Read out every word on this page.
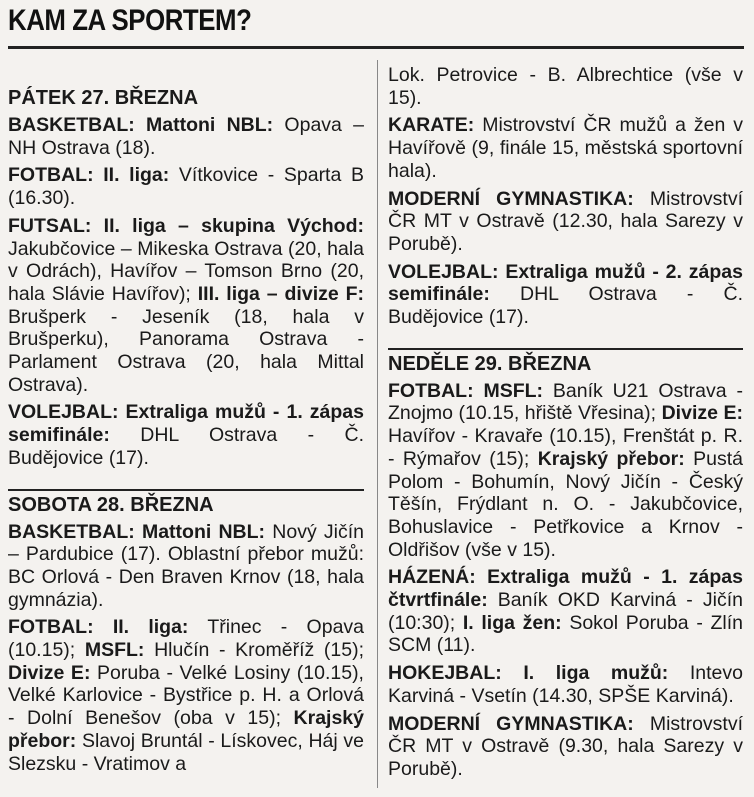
KAM ZA SPORTEM?
PÁTEK 27. BŘEZNA

BASKETBAL: Mattoni NBL: Opava – NH Ostrava (18).

FOTBAL: II. liga: Vítkovice - Sparta B (16.30).

FUTSAL: II. liga – skupina Východ: Jakubčovice – Mikeska Ostrava (20, hala v Odrách), Havířov – Tomson Brno (20, hala Slávie Havířov); III. liga – divize F: Brušperk - Jeseník (18, hala v Brušperku), Panorama Ostrava - Parlament Ostrava (20, hala Mittal Ostrava).

VOLEJBAL: Extraliga mužů - 1. zápas semifinále: DHL Ostrava - Č. Budějovice (17).

SOBOTA 28. BŘEZNA

BASKETBAL: Mattoni NBL: Nový Jičín – Pardubice (17). Oblastní přebor mužů: BC Orlová - Den Braven Krnov (18, hala gymnázia).

FOTBAL: II. liga: Třinec - Opava (10.15); MSFL: Hlučín - Kroměříž (15); Divize E: Poruba - Velké Losiny (10.15), Velké Karlovice - Bystřice p. H. a Orlová - Dolní Benešov (oba v 15); Krajský přebor: Slavoj Bruntál - Lískovec, Háj ve Slezsku - Vratimov a

Lok. Petrovice - B. Albrechtice (vše v 15).

KARATE: Mistrovství ČR mužů a žen v Havířově (9, finále 15, městská sportovní hala).

MODERNÍ GYMNASTIKA: Mistrovství ČR MT v Ostravě (12.30, hala Sarezy v Porubě).

VOLEJBAL: Extraliga mužů - 2. zápas semifinále: DHL Ostrava - Č. Budějovice (17).

NEDĚLE 29. BŘEZNA

FOTBAL: MSFL: Baník U21 Ostrava - Znojmo (10.15, hřiště Vřesina); Divize E: Havířov - Kravaře (10.15), Frenštát p. R. - Rýmařov (15); Krajský přebor: Pustá Polom - Bohumín, Nový Jičín - Český Těšín, Frýdlant n. O. - Jakubčovice, Bohuslavice - Petřkovice a Krnov - Oldřišov (vše v 15).

HÁZENÁ: Extraliga mužů - 1. zápas čtvrtfinále: Baník OKD Karviná - Jičín (10:30); I. liga žen: Sokol Poruba - Zlín SCM (11).

HOKEJBAL: I. liga mužů: Intevo Karviná - Vsetín (14.30, SPŠE Karviná).

MODERNÍ GYMNASTIKA: Mistrovství ČR MT v Ostravě (9.30, hala Sarezy v Porubě).
